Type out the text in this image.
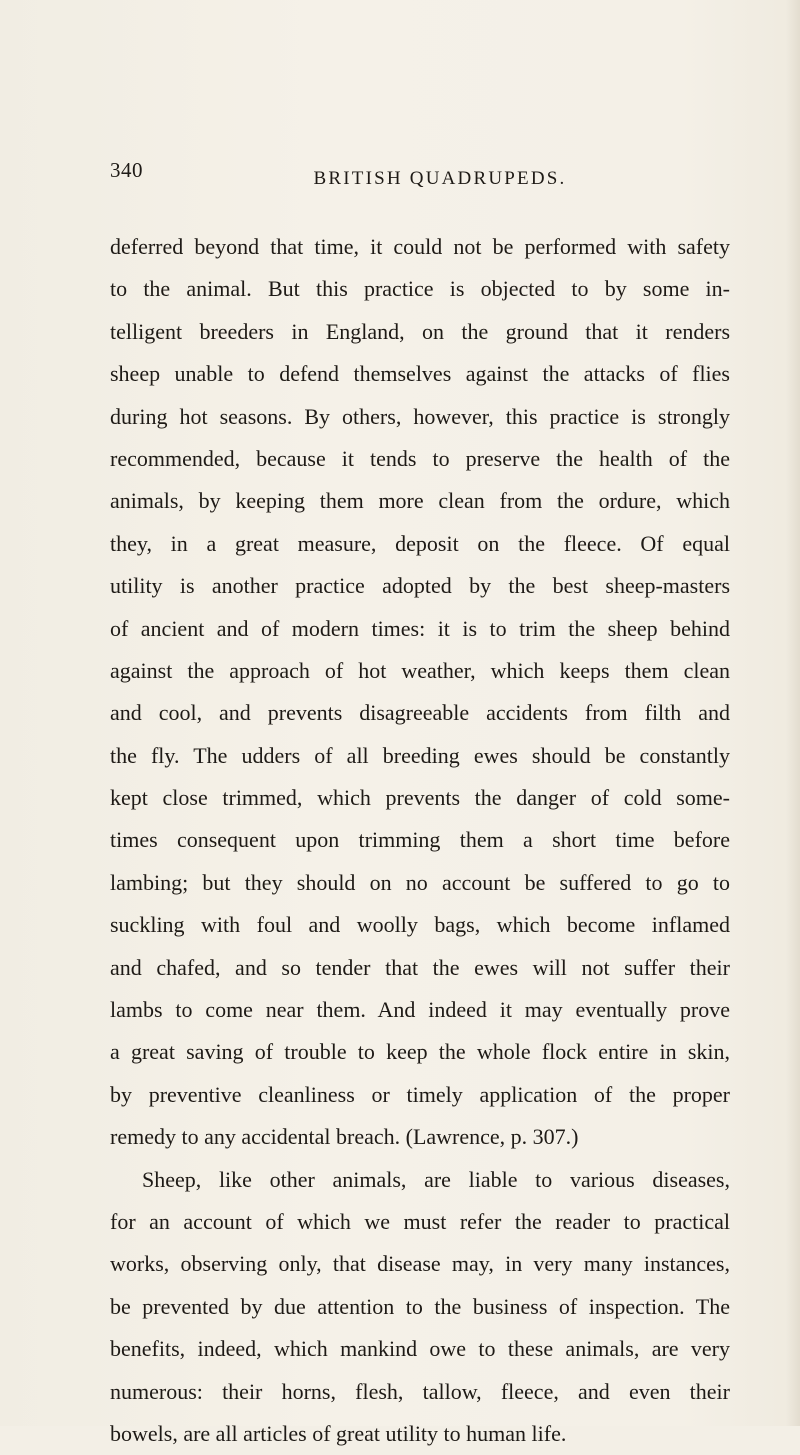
340	BRITISH QUADRUPEDS.
deferred beyond that time, it could not be performed with safety
to the animal. But this practice is objected to by some in-
telligent breeders in England, on the ground that it renders
sheep unable to defend themselves against the attacks of flies
during hot seasons. By others, however, this practice is strongly
recommended, because it tends to preserve the health of the
animals, by keeping them more clean from the ordure, which
they, in a great measure, deposit on the fleece. Of equal
utility is another practice adopted by the best sheep-masters
of ancient and of modern times: it is to trim the sheep behind
against the approach of hot weather, which keeps them clean
and cool, and prevents disagreeable accidents from filth and
the fly. The udders of all breeding ewes should be constantly
kept close trimmed, which prevents the danger of cold some-
times consequent upon trimming them a short time before
lambing; but they should on no account be suffered to go to
suckling with foul and woolly bags, which become inflamed
and chafed, and so tender that the ewes will not suffer their
lambs to come near them. And indeed it may eventually prove
a great saving of trouble to keep the whole flock entire in skin,
by preventive cleanliness or timely application of the proper
remedy to any accidental breach. (Lawrence, p. 307.)
Sheep, like other animals, are liable to various diseases,
for an account of which we must refer the reader to practical
works, observing only, that disease may, in very many instances,
be prevented by due attention to the business of inspection. The
benefits, indeed, which mankind owe to these animals, are very
numerous: their horns, flesh, tallow, fleece, and even their
bowels, are all articles of great utility to human life.
